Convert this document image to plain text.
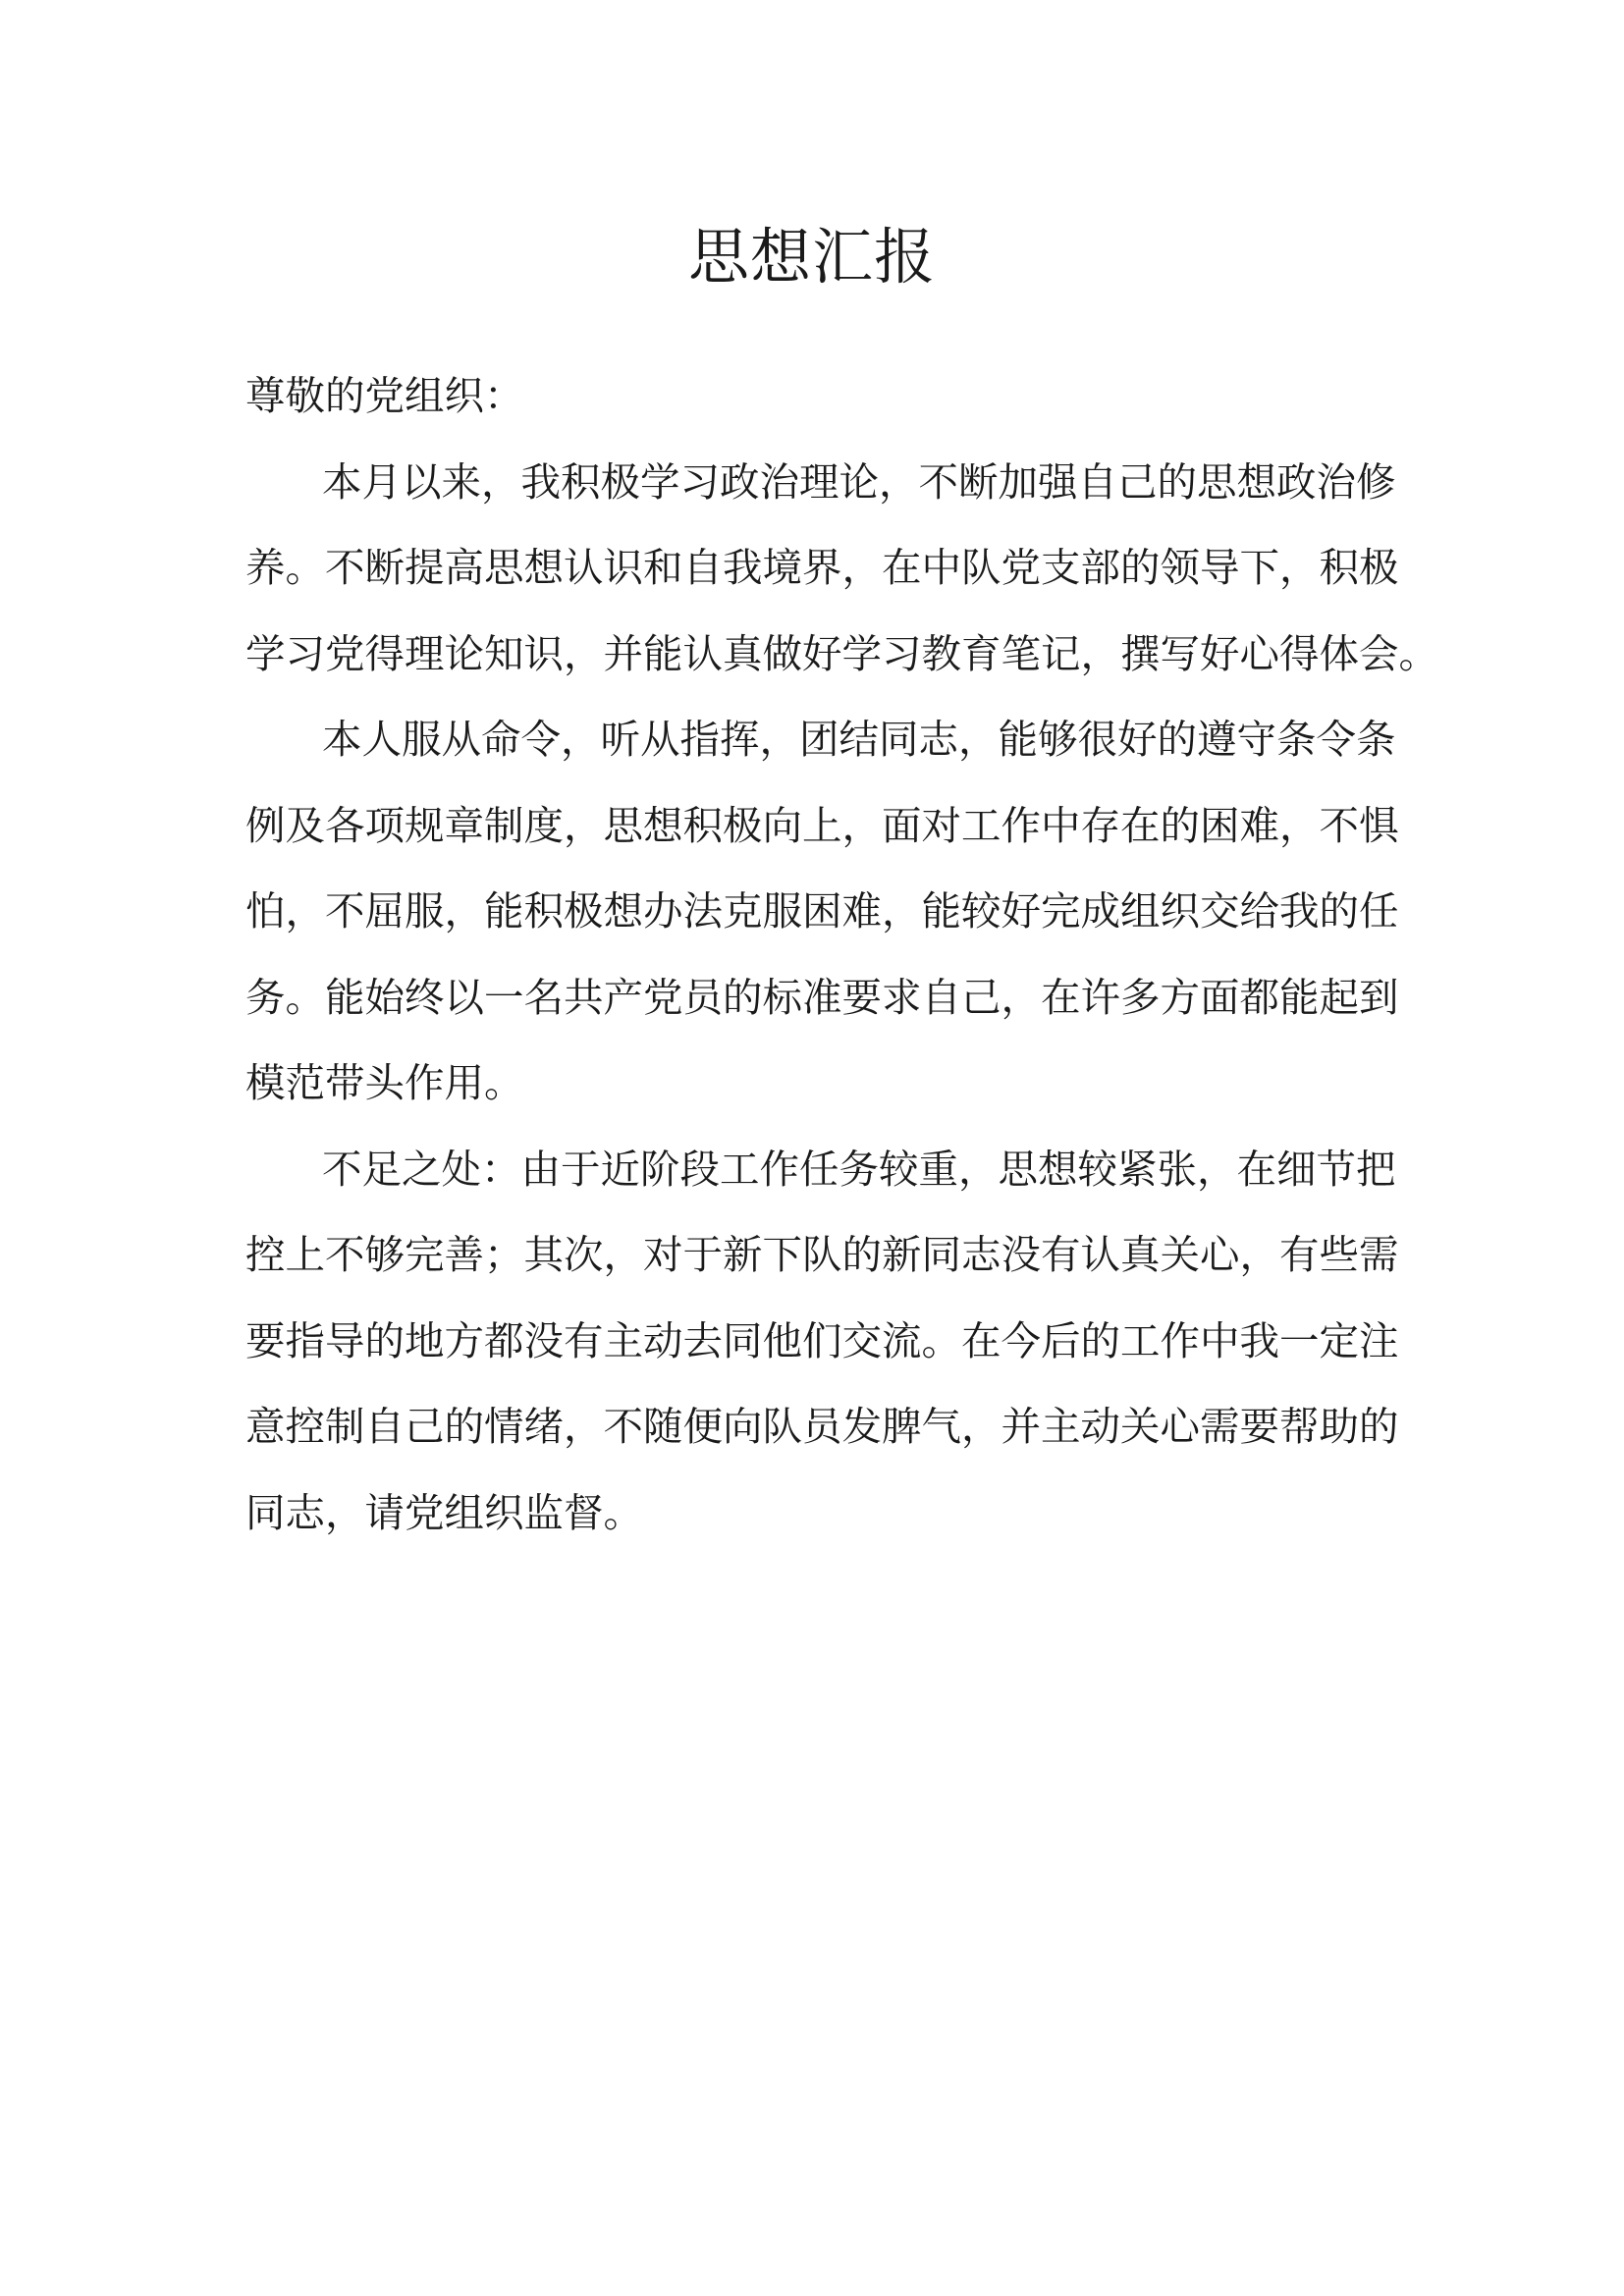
思想汇报

尊敬的党组织：

本月以来，我积极学习政治理论，不断加强自己的思想政治修
养。不断提高思想认识和自我境界，在中队党支部的领导下，积极
学习党得理论知识，并能认真做好学习教育笔记，撰写好心得体会。

本人服从命令，听从指挥，团结同志，能够很好的遵守条令条
例及各项规章制度，思想积极向上，面对工作中存在的困难，不惧
怕，不屈服，能积极想办法克服困难，能较好完成组织交给我的任
务。能始终以一名共产党员的标准要求自己，在许多方面都能起到
模范带头作用。

不足之处：由于近阶段工作任务较重，思想较紧张，在细节把
控上不够完善；其次，对于新下队的新同志没有认真关心，有些需
要指导的地方都没有主动去同他们交流。在今后的工作中我一定注
意控制自己的情绪，不随便向队员发脾气，并主动关心需要帮助的
同志，请党组织监督。
